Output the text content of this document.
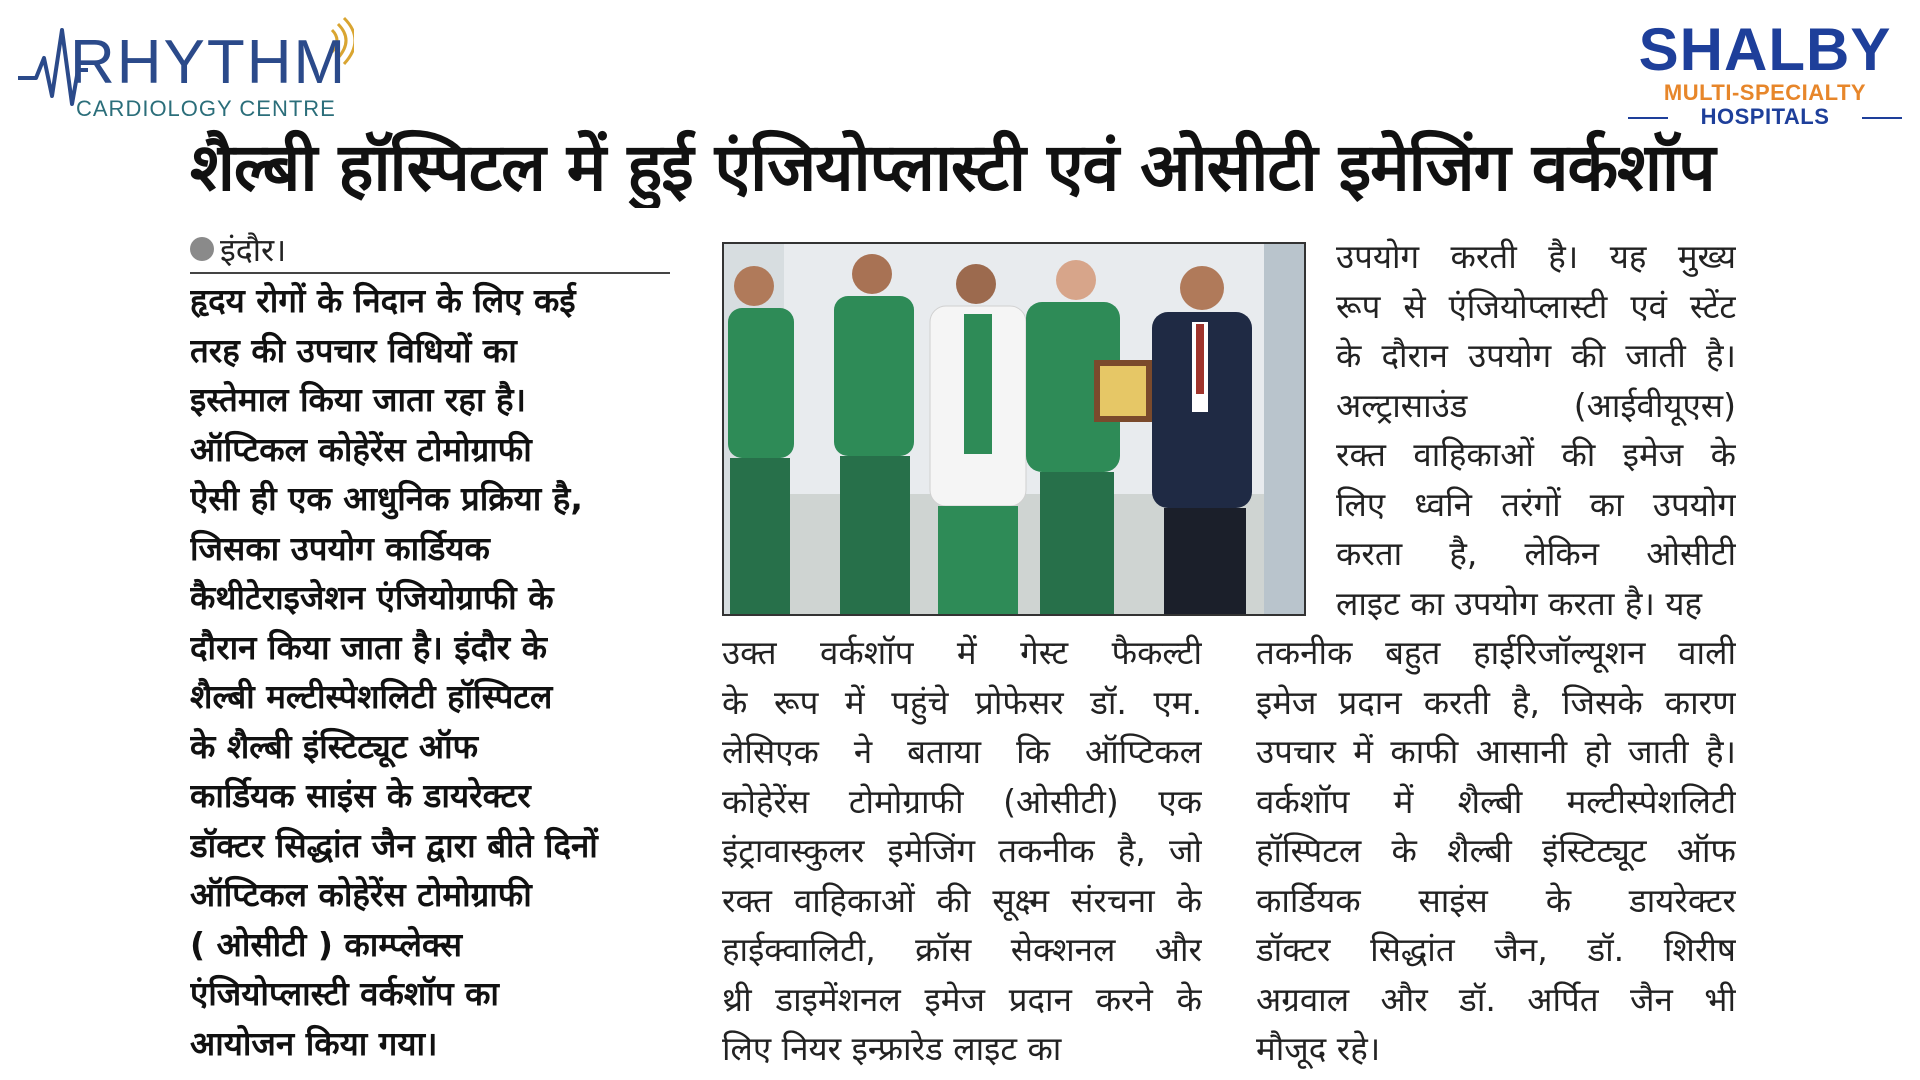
RHYTHM
CARDIOLOGY CENTRE
SHALBY
MULTI-SPECIALTY
HOSPITALS
शैल्बी हॉस्पिटल में हुई एंजियोप्लास्टी एवं ओसीटी इमेजिंग वर्कशॉप
इंदौर।
हृदय रोगों के निदान के लिए कई
तरह की उपचार विधियों का
इस्तेमाल किया जाता रहा है।
ऑप्टिकल कोहेरेंस टोमोग्राफी
ऐसी ही एक आधुनिक प्रक्रिया है,
जिसका उपयोग कार्डियक
कैथीटेराइजेशन एंजियोग्राफी के
दौरान किया जाता है। इंदौर के
शैल्बी मल्टीस्पेशलिटी हॉस्पिटल
के शैल्बी इंस्टिट्यूट ऑफ
कार्डियक साइंस के डायरेक्टर
डॉक्टर सिद्धांत जैन द्वारा बीते दिनों
ऑप्टिकल कोहेरेंस टोमोग्राफी
( ओसीटी ) काम्प्लेक्स
एंजियोप्लास्टी वर्कशॉप का
आयोजन किया गया।
उक्त वर्कशॉप में गेस्ट फैकल्टी
के रूप में पहुंचे प्रोफेसर डॉ. एम.
लेसिएक ने बताया कि ऑप्टिकल
कोहेरेंस टोमोग्राफी (ओसीटी) एक
इंट्रावास्कुलर इमेजिंग तकनीक है, जो
रक्त वाहिकाओं की सूक्ष्म संरचना के
हाईक्वालिटी, क्रॉस सेक्शनल और
थ्री डाइमेंशनल इमेज प्रदान करने के
लिए नियर इन्फ्रारेड लाइट का
उपयोग करती है। यह मुख्य
रूप से एंजियोप्लास्टी एवं स्टेंट
के दौरान उपयोग की जाती है।
अल्ट्रासाउंड (आईवीयूएस)
रक्त वाहिकाओं की इमेज के
लिए ध्वनि तरंगों का उपयोग
करता है, लेकिन ओसीटी
लाइट का उपयोग करता है। यह
तकनीक बहुत हाईरिजॉल्यूशन वाली
इमेज प्रदान करती है, जिसके कारण
उपचार में काफी आसानी हो जाती है।
वर्कशॉप में शैल्बी मल्टीस्पेशलिटी
हॉस्पिटल के शैल्बी इंस्टिट्यूट ऑफ
कार्डियक साइंस के डायरेक्टर
डॉक्टर सिद्धांत जैन, डॉ. शिरीष
अग्रवाल और डॉ. अर्पित जैन भी
मौजूद रहे।
